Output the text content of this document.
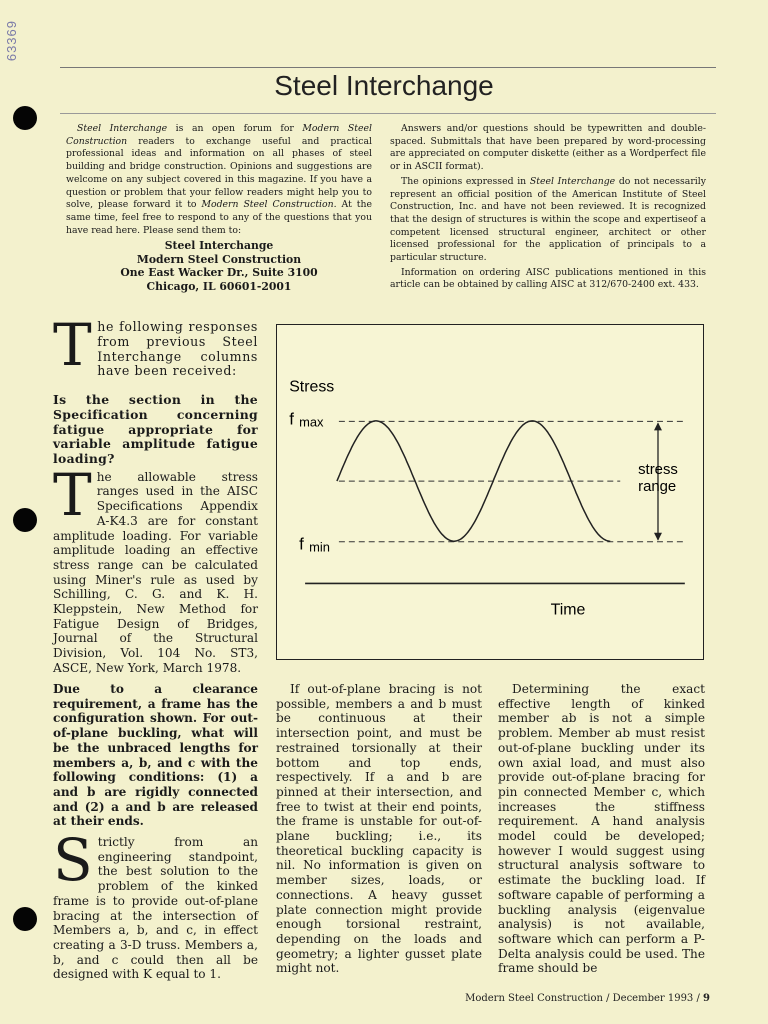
63369
Steel Interchange

Steel Interchange is an open forum for Modern Steel Construction readers to exchange useful and practical professional ideas and information on all phases of steel building and bridge construction. Opinions and suggestions are welcome on any subject covered in this magazine. If you have a question or problem that your fellow readers might help you to solve, please forward it to Modern Steel Construction. At the same time, feel free to respond to any of the questions that you have read here. Please send them to:

Steel Interchange
Modern Steel Construction
One East Wacker Dr., Suite 3100
Chicago, IL 60601-2001

Answers and/or questions should be typewritten and double-spaced. Submittals that have been prepared by word-processing are appreciated on computer diskette (either as a Wordperfect file or in ASCII format).

The opinions expressed in Steel Interchange do not necessarily represent an official position of the American Institute of Steel Construction, Inc. and have not been reviewed. It is recognized that the design of structures is within the scope and expertiseof a competent licensed structural engineer, architect or other licensed professional for the application of principals to a particular structure.

Information on ordering AISC publications mentioned in this article can be obtained by calling AISC at 312/670-2400 ext. 433.

The following responses from previous Steel Interchange columns have been received:

Is the section in the Specification concerning fatigue appropriate for variable amplitude fatigue loading?

The allowable stress ranges used in the AISC Specifications Appendix A-K4.3 are for constant amplitude loading. For variable amplitude loading an effective stress range can be calculated using Miner's rule as used by Schilling, C. G. and K. H. Kleppstein, New Method for Fatigue Design of Bridges, Journal of the Structural Division, Vol. 104 No. ST3, ASCE, New York, March 1978.

Stress
Time
f max
f min
stress
range

Due to a clearance requirement, a frame has the configuration shown. For out-of-plane buckling, what will be the unbraced lengths for members a, b, and c with the following conditions: (1) a and b are rigidly connected and (2) a and b are released at their ends.

Strictly from an engineering standpoint, the best solution to the problem of the kinked frame is to provide out-of-plane bracing at the intersection of Members a, b, and c, in effect creating a 3-D truss. Members a, b, and c could then all be designed with K equal to 1.

If out-of-plane bracing is not possible, members a and b must be continuous at their intersection point, and must be restrained torsionally at their bottom and top ends, respectively. If a and b are pinned at their intersection, and free to twist at their end points, the frame is unstable for out-of-plane buckling; i.e., its theoretical buckling capacity is nil. No information is given on member sizes, loads, or connections. A heavy gusset plate connection might provide enough torsional restraint, depending on the loads and geometry; a lighter gusset plate might not.

Determining the exact effective length of kinked member ab is not a simple problem. Member ab must resist out-of-plane buckling under its own axial load, and must also provide out-of-plane bracing for pin connected Member c, which increases the stiffness requirement. A hand analysis model could be developed; however I would suggest using structural analysis software to estimate the buckling load. If software capable of performing a buckling analysis (eigenvalue analysis) is not available, software which can perform a P-Delta analysis could be used. The frame should be

Modern Steel Construction / December 1993 / 9
